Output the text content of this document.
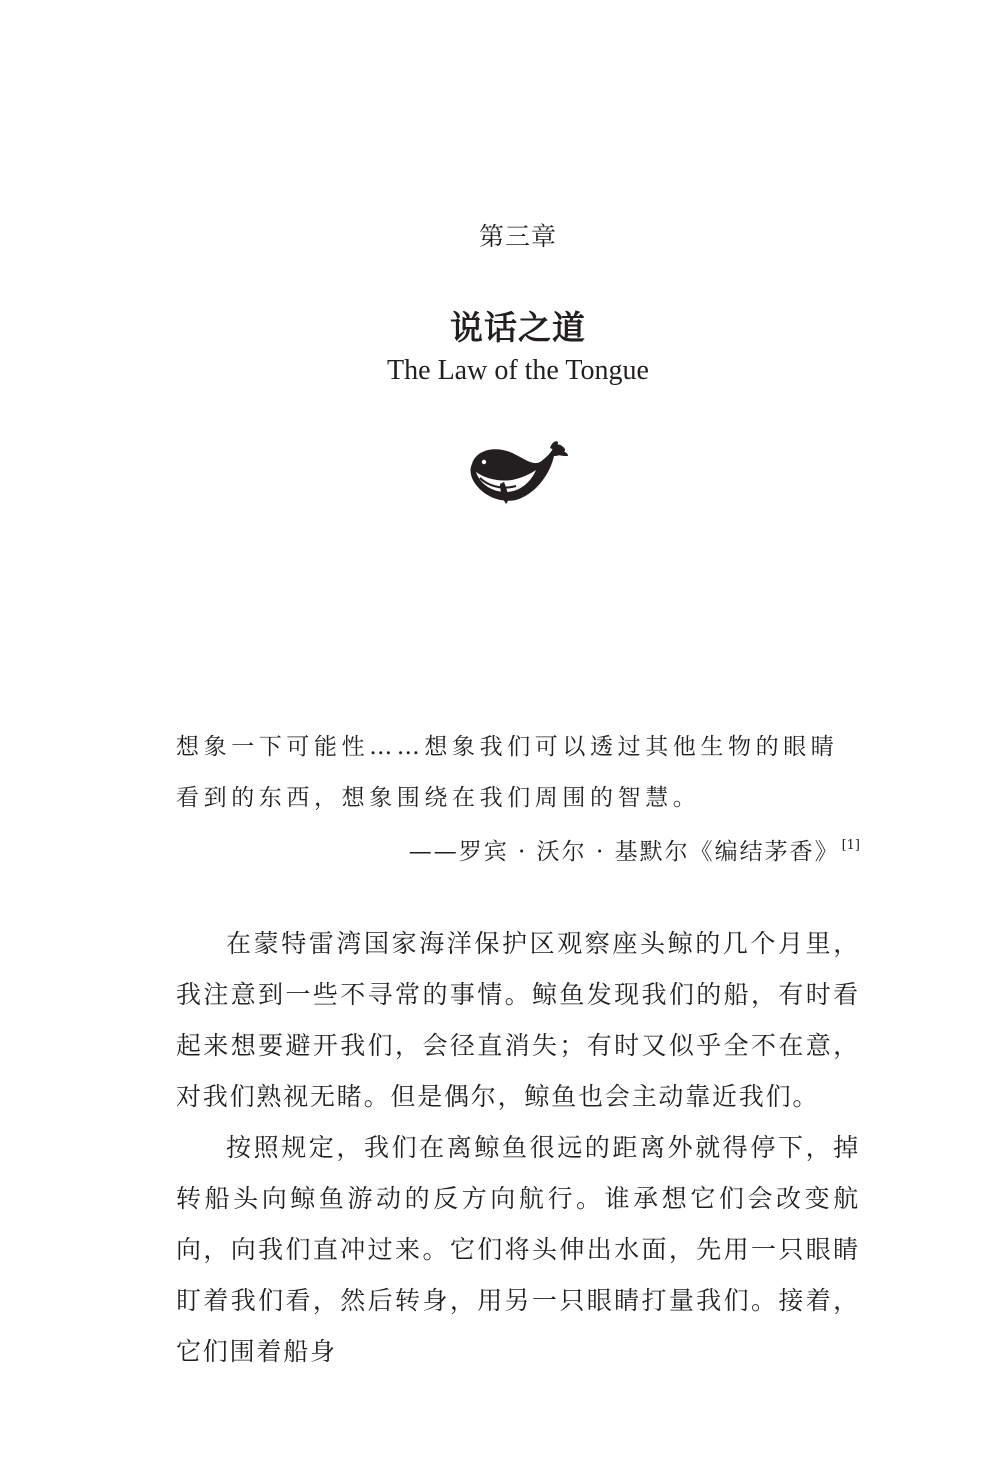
第三章
说话之道
The Law of the Tongue

想象一下可能性……想象我们可以透过其他生物的眼睛看到的东西，想象围绕在我们周围的智慧。

——罗宾 · 沃尔 · 基默尔《编结茅香》 [1]

在蒙特雷湾国家海洋保护区观察座头鲸的几个月里，我注意到一些不寻常的事情。鲸鱼发现我们的船，有时看起来想要避开我们，会径直消失；有时又似乎全不在意，对我们熟视无睹。但是偶尔，鲸鱼也会主动靠近我们。

按照规定，我们在离鲸鱼很远的距离外就得停下，掉转船头向鲸鱼游动的反方向航行。谁承想它们会改变航向，向我们直冲过来。它们将头伸出水面，先用一只眼睛盯着我们看，然后转身，用另一只眼睛打量我们。接着，它们围着船身
